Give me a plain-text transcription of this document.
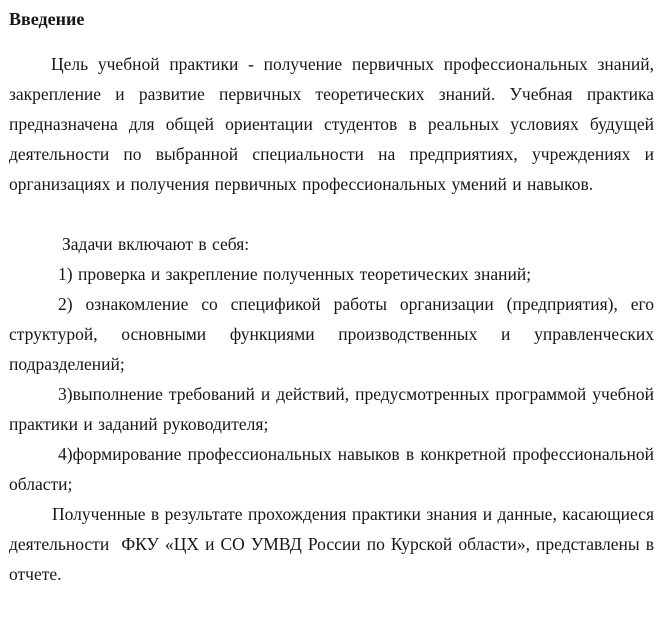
Введение

Цель учебной практики - получение первичных профессиональных знаний, закрепление и развитие первичных теоретических знаний. Учебная практика предназначена для общей ориентации студентов в реальных условиях будущей деятельности по выбранной специальности на предприятиях, учреждениях и организациях и получения первичных профессиональных умений и навыков.

Задачи включают в себя:

1) проверка и закрепление полученных теоретических знаний;

2) ознакомление со спецификой работы организации (предприятия), его структурой, основными функциями производственных и управленческих подразделений;

3)выполнение требований и действий, предусмотренных программой учебной практики и заданий руководителя;

4)формирование профессиональных навыков в конкретной профессиональной области;

Полученные в результате прохождения практики знания и данные, касающиеся деятельности  ФКУ «ЦХ и СО УМВД России по Курской области», представлены в отчете.
